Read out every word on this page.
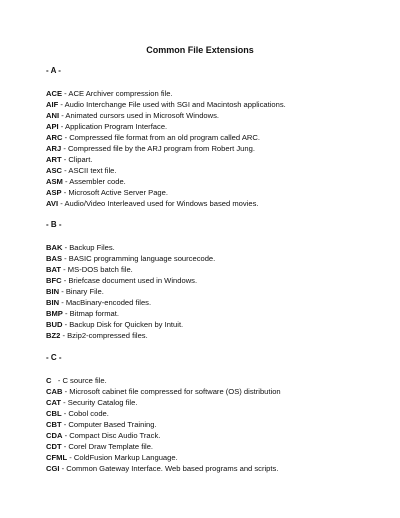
Common File Extensions
- A -
ACE - ACE Archiver compression file.
AIF - Audio Interchange File used with SGI and Macintosh applications.
ANI - Animated cursors used in Microsoft Windows.
API - Application Program Interface.
ARC - Compressed file format from an old program called ARC.
ARJ - Compressed file by the ARJ program from Robert Jung.
ART - Clipart.
ASC - ASCII text file.
ASM - Assembler code.
ASP - Microsoft Active Server Page.
AVI - Audio/Video Interleaved used for Windows based movies.
- B -
BAK - Backup Files.
BAS - BASIC programming language sourcecode.
BAT - MS-DOS batch file.
BFC - Briefcase document used in Windows.
BIN - Binary File.
BIN - MacBinary-encoded files.
BMP - Bitmap format.
BUD - Backup Disk for Quicken by Intuit.
BZ2 - Bzip2-compressed files.
- C -
C   - C source file.
CAB - Microsoft cabinet file compressed for software (OS) distribution
CAT - Security Catalog file.
CBL - Cobol code.
CBT - Computer Based Training.
CDA - Compact Disc Audio Track.
CDT - Corel Draw Template file.
CFML - ColdFusion Markup Language.
CGI - Common Gateway Interface. Web based programs and scripts.
